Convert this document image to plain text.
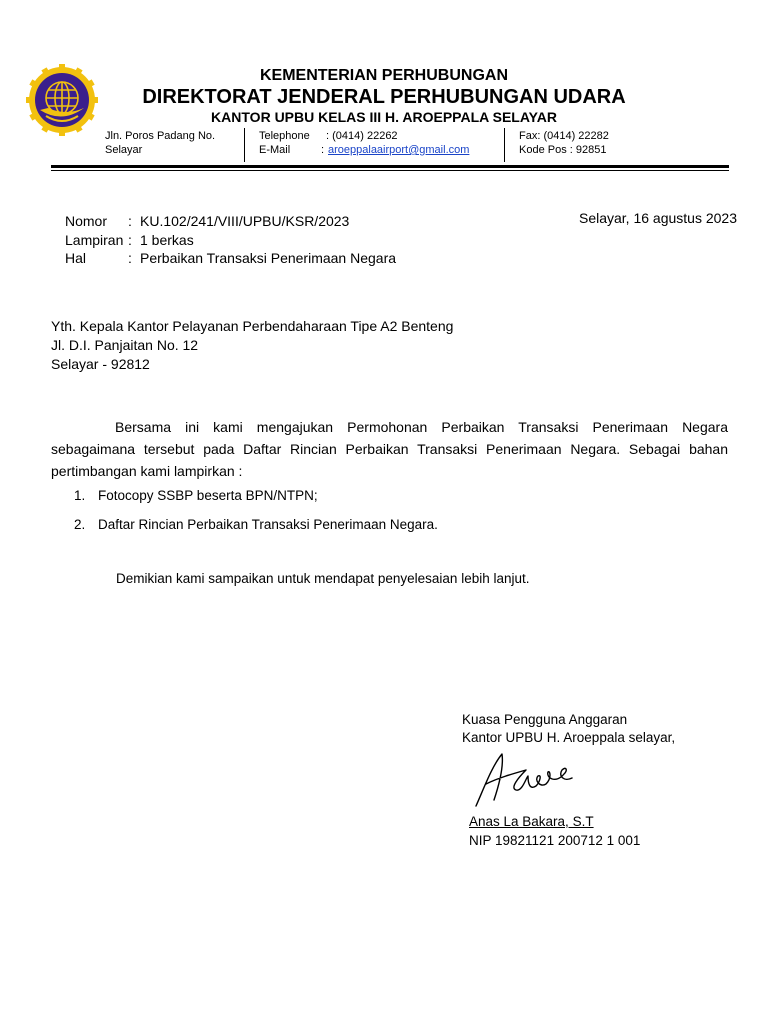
KEMENTERIAN PERHUBUNGAN
DIREKTORAT JENDERAL PERHUBUNGAN UDARA
KANTOR UPBU KELAS III H. AROEPPALA SELAYAR
Jln. Poros Padang No.
Selayar
Telephone : (0414) 22262
E-Mail	: aroeppalaairport@gmail.com
Fax: (0414) 22282
Kode Pos : 92851
Nomor : KU.102/241/VIII/UPBU/KSR/2023
Lampiran : 1 berkas
Hal	: Perbaikan Transaksi Penerimaan Negara
Selayar, 16 agustus 2023
Yth. Kepala Kantor Pelayanan Perbendaharaan Tipe A2 Benteng
Jl. D.I. Panjaitan No. 12
Selayar - 92812
Bersama ini kami mengajukan Permohonan Perbaikan Transaksi Penerimaan Negara sebagaimana tersebut pada Daftar Rincian Perbaikan Transaksi Penerimaan Negara. Sebagai bahan pertimbangan kami lampirkan :
1. Fotocopy SSBP beserta BPN/NTPN;
2. Daftar Rincian Perbaikan Transaksi Penerimaan Negara.
Demikian kami sampaikan untuk mendapat penyelesaian lebih lanjut.
Kuasa Pengguna Anggaran
Kantor UPBU H. Aroeppala selayar,
Anas La Bakara, S.T
NIP 19821121 200712 1 001
